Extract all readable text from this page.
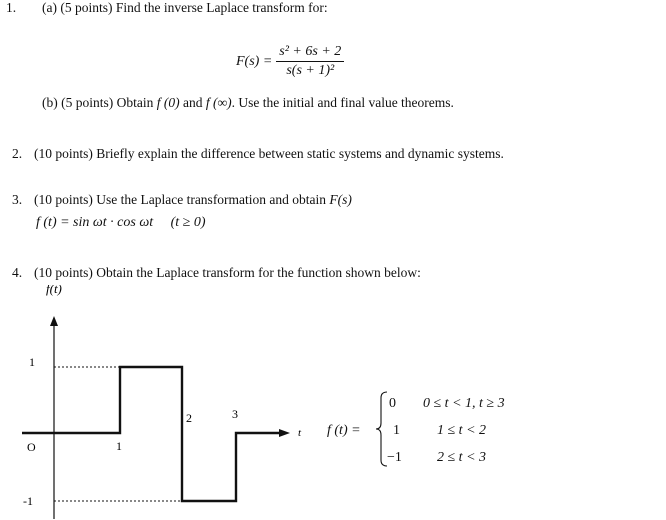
1. (a) (5 points) Find the inverse Laplace transform for:
$F(s) = \frac{\text{s² + 6s + 2}}{\text{s(s + 1)²}}$
(b) (5 points) Obtain f (0) and f (∞). Use the initial and final value theorems.
2. (10 points) Briefly explain the difference between static systems and dynamic systems.
3. (10 points) Use the Laplace transformation and obtain F(s)
f (t) = sin ωt · cos ωt (t ≥ 0)
4. (10 points) Obtain the Laplace transform for the function shown below:
f(t)
1
O
-1
1
2	3
t f (t) =
0 0 ≤ t < 1, t ≥ 3
1	1 ≤ t < 2
−1	2 ≤ t < 3
